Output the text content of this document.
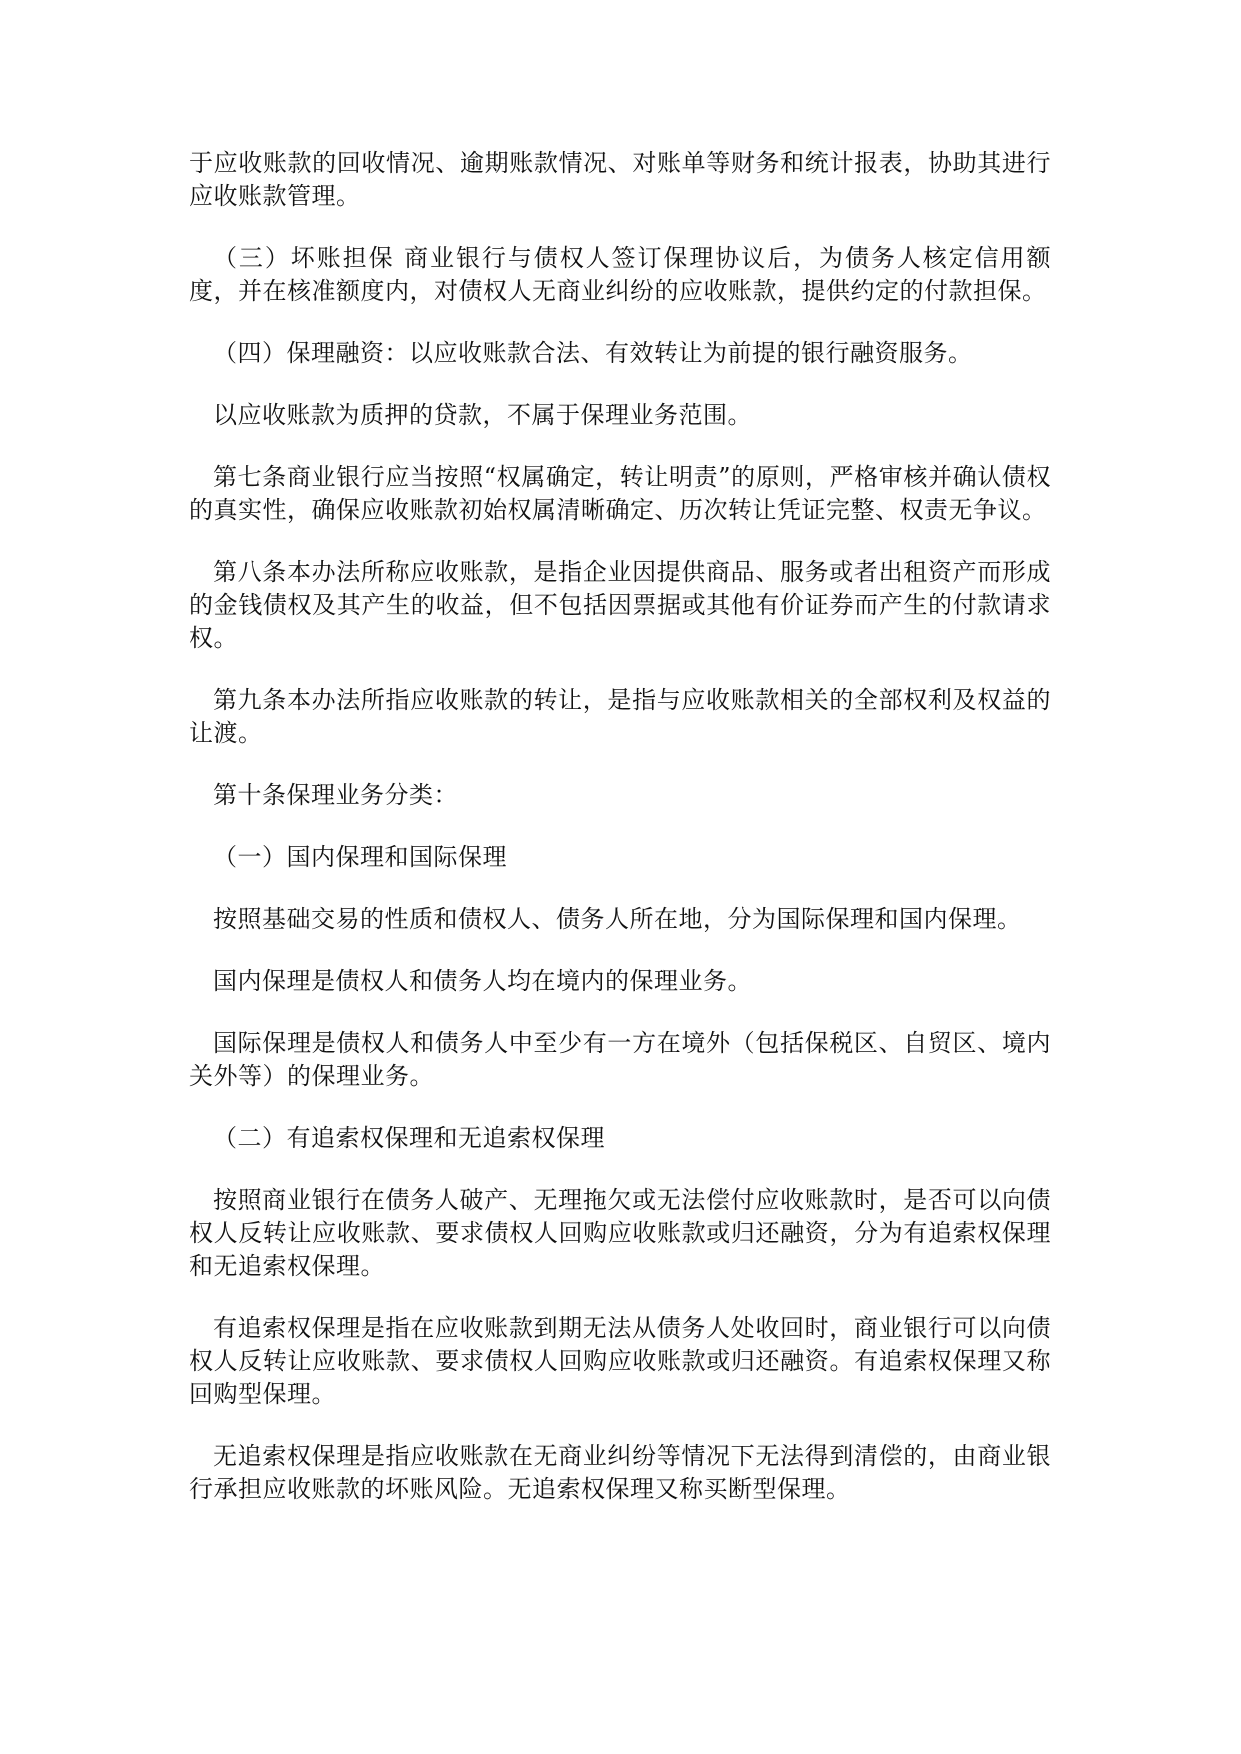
于应收账款的回收情况、逾期账款情况、对账单等财务和统计报表，协助其进行应收账款管理。

（三）坏账担保 商业银行与债权人签订保理协议后，为债务人核定信用额度，并在核准额度内，对债权人无商业纠纷的应收账款，提供约定的付款担保。

（四）保理融资：以应收账款合法、有效转让为前提的银行融资服务。

以应收账款为质押的贷款，不属于保理业务范围。

第七条商业银行应当按照“权属确定，转让明责”的原则，严格审核并确认债权的真实性，确保应收账款初始权属清晰确定、历次转让凭证完整、权责无争议。

第八条本办法所称应收账款，是指企业因提供商品、服务或者出租资产而形成的金钱债权及其产生的收益，但不包括因票据或其他有价证券而产生的付款请求权。

第九条本办法所指应收账款的转让，是指与应收账款相关的全部权利及权益的让渡。

第十条保理业务分类：

（一）国内保理和国际保理

按照基础交易的性质和债权人、债务人所在地，分为国际保理和国内保理。

国内保理是债权人和债务人均在境内的保理业务。

国际保理是债权人和债务人中至少有一方在境外（包括保税区、自贸区、境内关外等）的保理业务。

（二）有追索权保理和无追索权保理

按照商业银行在债务人破产、无理拖欠或无法偿付应收账款时，是否可以向债权人反转让应收账款、要求债权人回购应收账款或归还融资，分为有追索权保理和无追索权保理。

有追索权保理是指在应收账款到期无法从债务人处收回时，商业银行可以向债权人反转让应收账款、要求债权人回购应收账款或归还融资。有追索权保理又称回购型保理。

无追索权保理是指应收账款在无商业纠纷等情况下无法得到清偿的，由商业银行承担应收账款的坏账风险。无追索权保理又称买断型保理。
